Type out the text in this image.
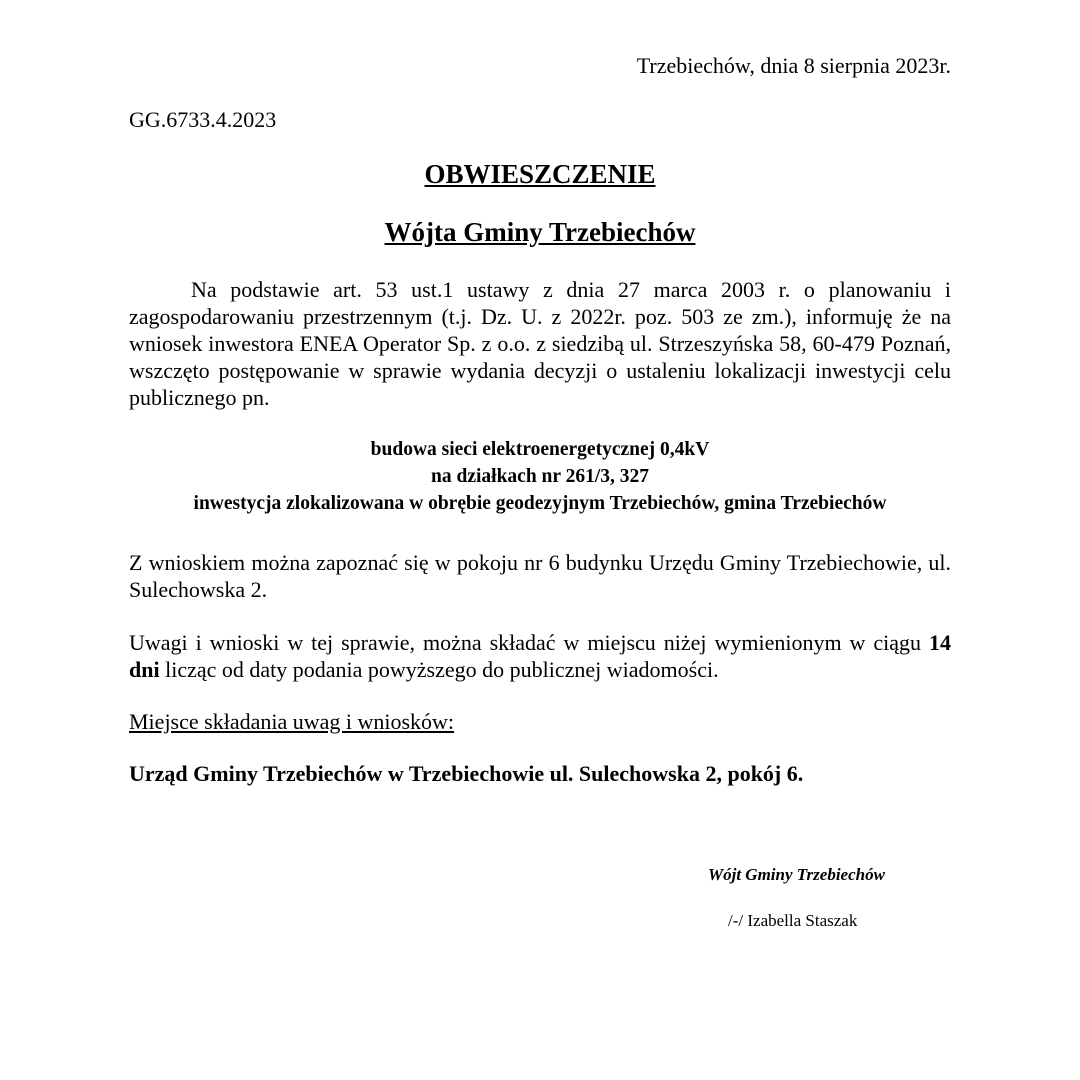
Trzebiechów, dnia 8 sierpnia 2023r.
GG.6733.4.2023
OBWIESZCZENIE
Wójta Gminy Trzebiechów
Na podstawie art. 53 ust.1 ustawy z dnia 27 marca 2003 r. o planowaniu i zagospodarowaniu przestrzennym (t.j. Dz. U. z 2022r. poz. 503 ze zm.), informuję że na wniosek inwestora ENEA Operator Sp. z o.o. z siedzibą ul. Strzeszyńska 58, 60-479 Poznań, wszczęto postępowanie w sprawie wydania decyzji o ustaleniu lokalizacji inwestycji celu publicznego pn.
budowa sieci elektroenergetycznej 0,4kV
na działkach nr 261/3, 327
inwestycja zlokalizowana w obrębie geodezyjnym Trzebiechów, gmina Trzebiechów
Z wnioskiem można zapoznać się w pokoju nr 6 budynku Urzędu Gminy Trzebiechowie, ul. Sulechowska 2.
Uwagi i wnioski w tej sprawie, można składać w miejscu niżej wymienionym w ciągu 14 dni licząc od daty podania powyższego do publicznej wiadomości.
Miejsce składania uwag i wniosków:
Urząd Gminy Trzebiechów w Trzebiechowie ul. Sulechowska 2, pokój 6.
Wójt Gminy Trzebiechów
/-/ Izabella Staszak
